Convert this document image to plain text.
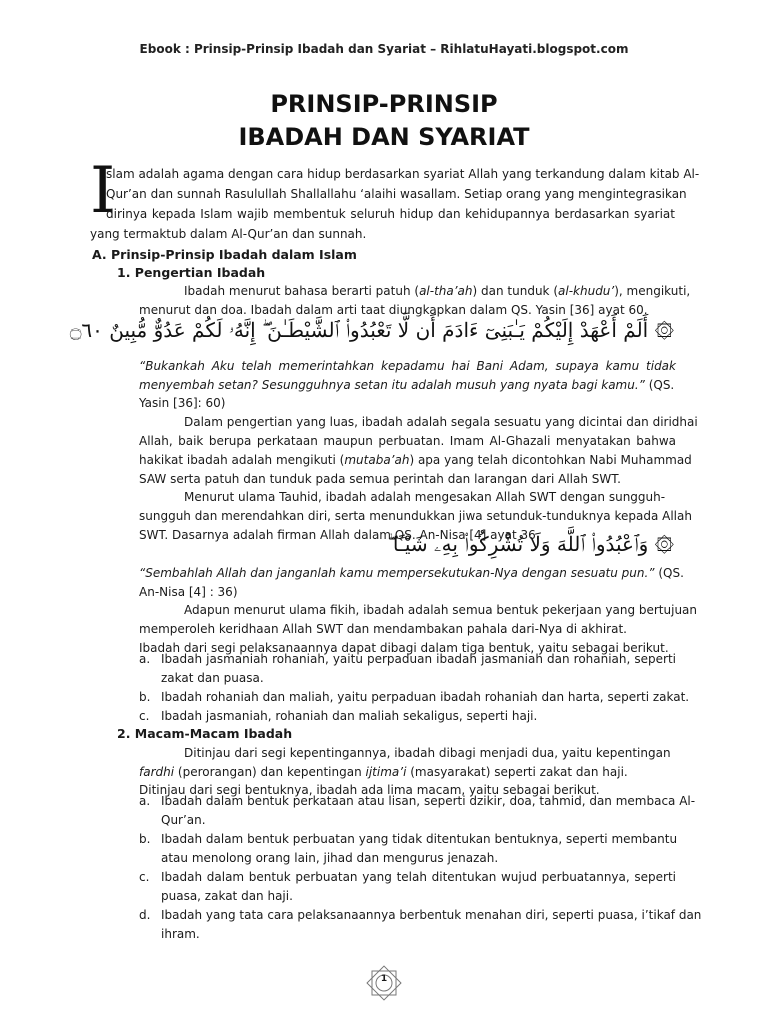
Ebook : Prinsip-Prinsip Ibadah dan Syariat – RihlatuHayati.blogspot.com
PRINSIP-PRINSIP
IBADAH DAN SYARIAT
I
slam adalah agama dengan cara hidup berdasarkan syariat Allah yang terkandung dalam kitab Al-
Qur’an dan sunnah Rasulullah Shallallahu ‘alaihi wasallam. Setiap orang yang mengintegrasikan
dirinya kepada Islam wajib membentuk seluruh hidup dan kehidupannya berdasarkan syariat
yang termaktub dalam Al-Qur’an dan sunnah.
A. Prinsip-Prinsip Ibadah dalam Islam
1. Pengertian Ibadah
Ibadah menurut bahasa berarti patuh (al-tha’ah) dan tunduk (al-khudu’), mengikuti,
menurut dan doa. Ibadah dalam arti taat diungkapkan dalam QS. Yasin [36] ayat 60.
۞ أَلَمْ أَعْهَدْ إِلَيْكُمْ يَـٰبَنِىٓ ءَادَمَ أَن لَّا تَعْبُدُوا۟ ٱلشَّيْطَـٰنَ ۖ إِنَّهُۥ لَكُمْ عَدُوٌّ مُّبِينٌ ۝٦٠
“Bukankah Aku telah memerintahkan kepadamu hai Bani Adam, supaya kamu tidak
menyembah setan? Sesungguhnya setan itu adalah musuh yang nyata bagi kamu.” (QS.
Yasin [36]: 60)
Dalam pengertian yang luas, ibadah adalah segala sesuatu yang dicintai dan diridhai
Allah, baik berupa perkataan maupun perbuatan. Imam Al-Ghazali menyatakan bahwa
hakikat ibadah adalah mengikuti (mutaba’ah) apa yang telah dicontohkan Nabi Muhammad
SAW serta patuh dan tunduk pada semua perintah dan larangan dari Allah SWT.
Menurut ulama Tauhid, ibadah adalah mengesakan Allah SWT dengan sungguh-
sungguh dan merendahkan diri, serta menundukkan jiwa setunduk-tunduknya kepada Allah
SWT. Dasarnya adalah firman Allah dalam QS. An-Nisa [4] ayat 36.
۞ وَٱعْبُدُوا۟ ٱللَّهَ وَلَا تُشْرِكُوا۟ بِهِۦ شَيْـًا ۖ
“Sembahlah Allah dan janganlah kamu mempersekutukan-Nya dengan sesuatu pun.” (QS.
An-Nisa [4] : 36)
Adapun menurut ulama fikih, ibadah adalah semua bentuk pekerjaan yang bertujuan
memperoleh keridhaan Allah SWT dan mendambakan pahala dari-Nya di akhirat.
Ibadah dari segi pelaksanaannya dapat dibagi dalam tiga bentuk, yaitu sebagai berikut.
a. Ibadah jasmaniah rohaniah, yaitu perpaduan ibadah jasmaniah dan rohaniah, seperti
zakat dan puasa.
b. Ibadah rohaniah dan maliah, yaitu perpaduan ibadah rohaniah dan harta, seperti zakat.
c. Ibadah jasmaniah, rohaniah dan maliah sekaligus, seperti haji.
2. Macam-Macam Ibadah
Ditinjau dari segi kepentingannya, ibadah dibagi menjadi dua, yaitu kepentingan
fardhi (perorangan) dan kepentingan ijtima’i (masyarakat) seperti zakat dan haji.
Ditinjau dari segi bentuknya, ibadah ada lima macam, yaitu sebagai berikut.
a. Ibadah dalam bentuk perkataan atau lisan, seperti dzikir, doa, tahmid, dan membaca Al-
Qur’an.
b. Ibadah dalam bentuk perbuatan yang tidak ditentukan bentuknya, seperti membantu
atau menolong orang lain, jihad dan mengurus jenazah.
c. Ibadah dalam bentuk perbuatan yang telah ditentukan wujud perbuatannya, seperti
puasa, zakat dan haji.
d. Ibadah yang tata cara pelaksanaannya berbentuk menahan diri, seperti puasa, i’tikaf dan
ihram.
1
